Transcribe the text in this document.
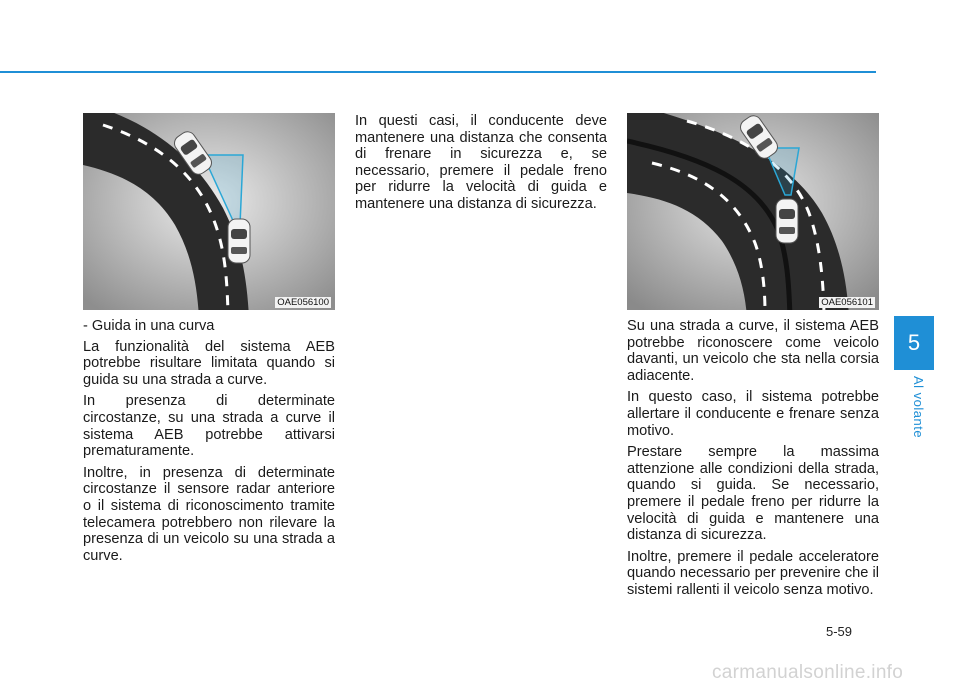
OAE056100	OAE056101

- Guida in una curva

La funzionalità del sistema AEB potrebbe risultare limitata quando si guida su una strada a curve.

In presenza di determinate circostanze, su una strada a curve il sistema AEB potrebbe attivarsi prematuramente.

Inoltre, in presenza di determinate circostanze il sensore radar anteriore o il sistema di riconoscimento tramite telecamera potrebbero non rilevare la presenza di un veicolo su una strada a curve.

In questi casi, il conducente deve mantenere una distanza che consenta di frenare in sicurezza e, se necessario, premere il pedale freno per ridurre la velocità di guida e mantenere una distanza di sicurezza.

Su una strada a curve, il sistema AEB potrebbe riconoscere come veicolo davanti, un veicolo che sta nella corsia adiacente.

In questo caso, il sistema potrebbe allertare il conducente e frenare senza motivo.

Prestare sempre la massima attenzione alle condizioni della strada, quando si guida. Se necessario, premere il pedale freno per ridurre la velocità di guida e mantenere una distanza di sicurezza.

Inoltre, premere il pedale acceleratore quando necessario per prevenire che il sistemi rallenti il veicolo senza motivo.

5
Al volante
5-59
carmanualsonline.info
